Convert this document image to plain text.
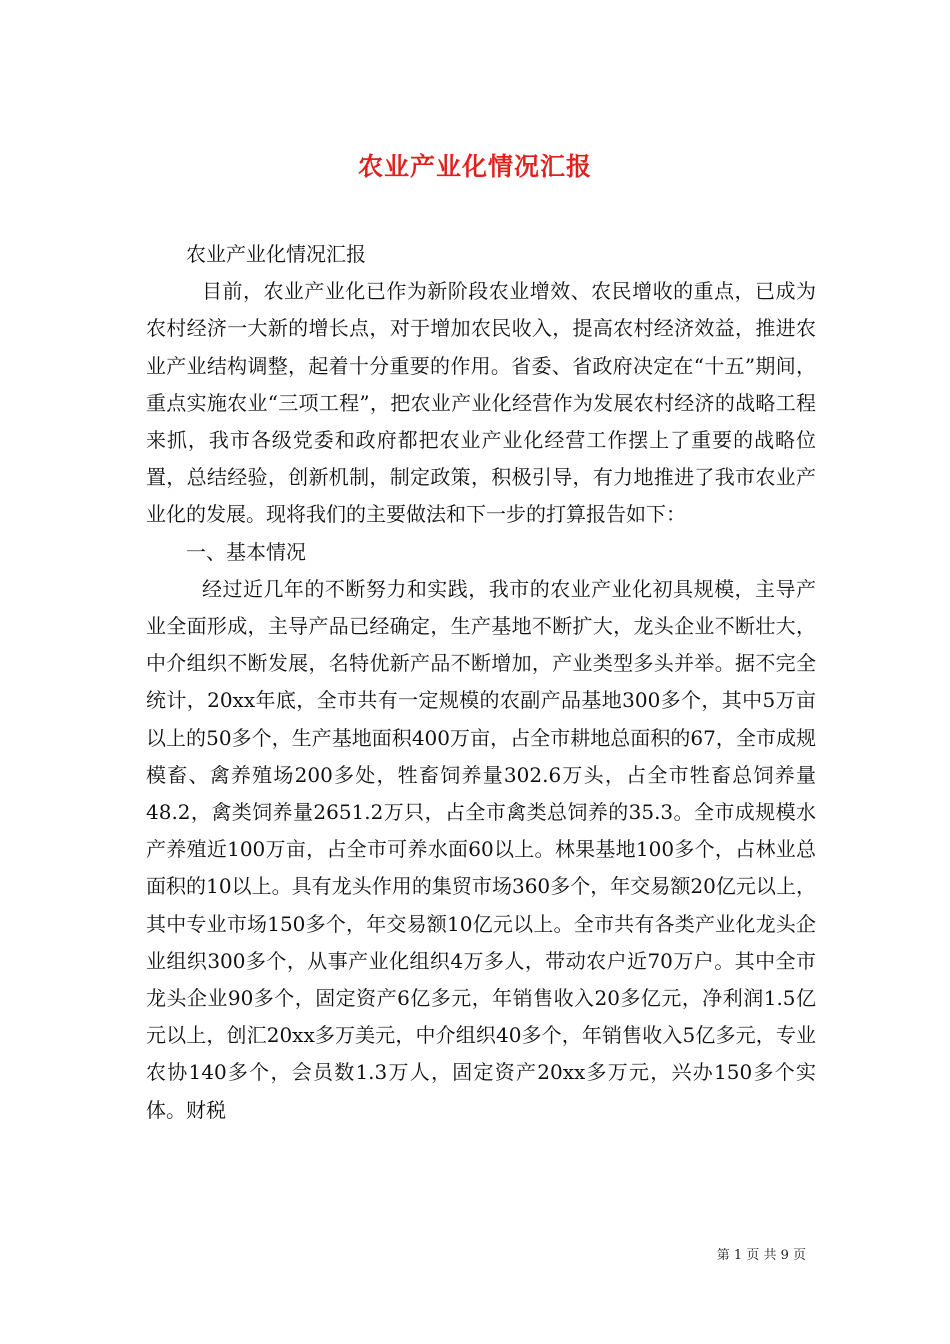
农业产业化情况汇报

农业产业化情况汇报

目前，农业产业化已作为新阶段农业增效、农民增收的重点，已成为农村经济一大新的增长点，对于增加农民收入，提高农村经济效益，推进农业产业结构调整，起着十分重要的作用。省委、省政府决定在“十五”期间，重点实施农业“三项工程”，把农业产业化经营作为发展农村经济的战略工程来抓，我市各级党委和政府都把农业产业化经营工作摆上了重要的战略位置，总结经验，创新机制，制定政策，积极引导，有力地推进了我市农业产业化的发展。现将我们的主要做法和下一步的打算报告如下：

一、基本情况

经过近几年的不断努力和实践，我市的农业产业化初具规模，主导产业全面形成，主导产品已经确定，生产基地不断扩大，龙头企业不断壮大，中介组织不断发展，名特优新产品不断增加，产业类型多头并举。据不完全统计，20xx年底，全市共有一定规模的农副产品基地300多个，其中5万亩以上的50多个，生产基地面积400万亩，占全市耕地总面积的67，全市成规模畜、禽养殖场200多处，牲畜饲养量302.6万头，占全市牲畜总饲养量48.2，禽类饲养量2651.2万只，占全市禽类总饲养的35.3。全市成规模水产养殖近100万亩，占全市可养水面60以上。林果基地100多个，占林业总面积的10以上。具有龙头作用的集贸市场360多个，年交易额20亿元以上，其中专业市场150多个，年交易额10亿元以上。全市共有各类产业化龙头企业组织300多个，从事产业化组织4万多人，带动农户近70万户。其中全市龙头企业90多个，固定资产6亿多元，年销售收入20多亿元，净利润1.5亿元以上，创汇20xx多万美元，中介组织40多个，年销售收入5亿多元，专业农协140多个，会员数1.3万人，固定资产20xx多万元，兴办150多个实体。财税

第 1 页 共 9 页
